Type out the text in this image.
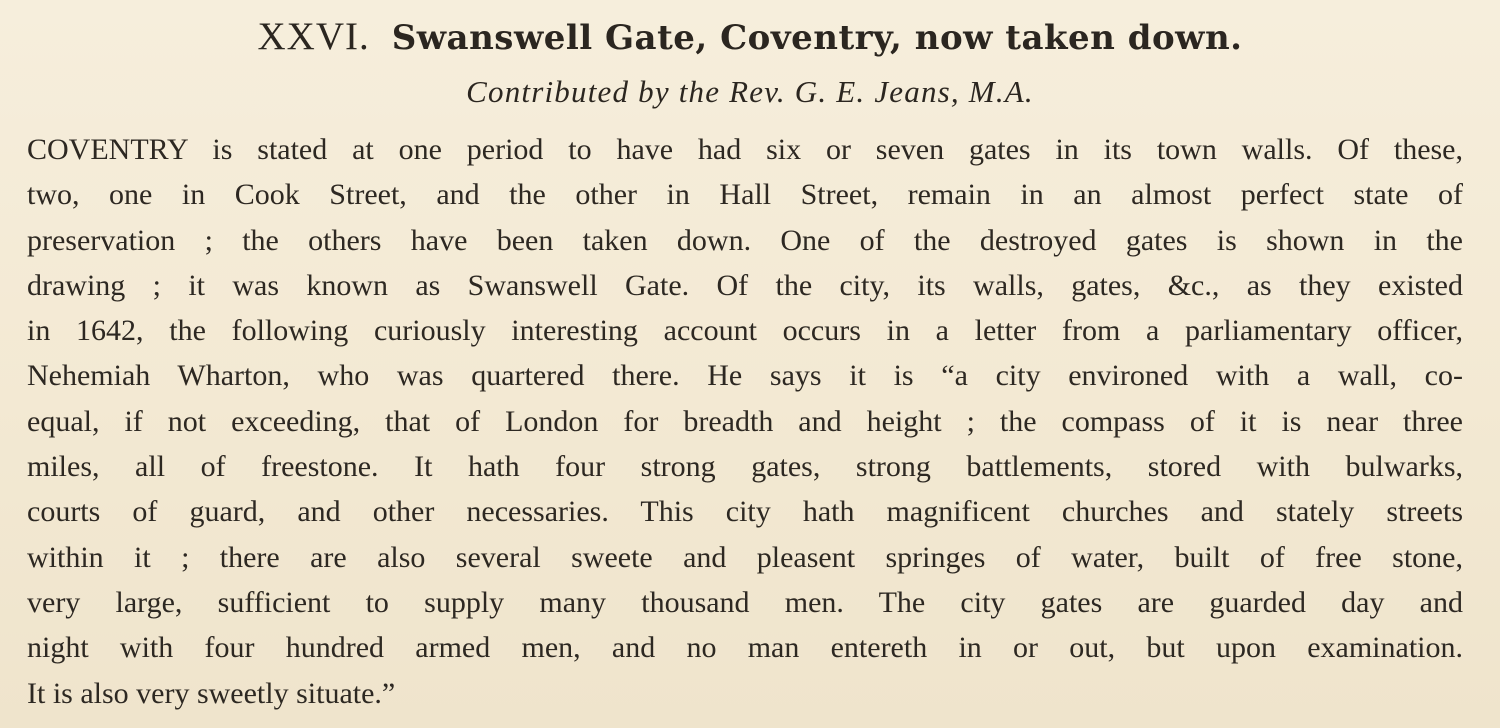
XXVI. Swanswell Gate, Coventry, now taken down.
Contributed by the Rev. G. E. Jeans, M.A.
COVENTRY is stated at one period to have had six or seven gates in its town walls. Of these,
two, one in Cook Street, and the other in Hall Street, remain in an almost perfect state of
preservation ; the others have been taken down. One of the destroyed gates is shown in the
drawing ; it was known as Swanswell Gate. Of the city, its walls, gates, &c., as they existed
in 1642, the following curiously interesting account occurs in a letter from a parliamentary officer,
Nehemiah Wharton, who was quartered there. He says it is “a city environed with a wall, co-
equal, if not exceeding, that of London for breadth and height ; the compass of it is near three
miles, all of freestone. It hath four strong gates, strong battlements, stored with bulwarks,
courts of guard, and other necessaries. This city hath magnificent churches and stately streets
within it ; there are also several sweete and pleasent springes of water, built of free stone,
very large, sufficient to supply many thousand men. The city gates are guarded day and
night with four hundred armed men, and no man entereth in or out, but upon examination.
It is also very sweetly situate.”
